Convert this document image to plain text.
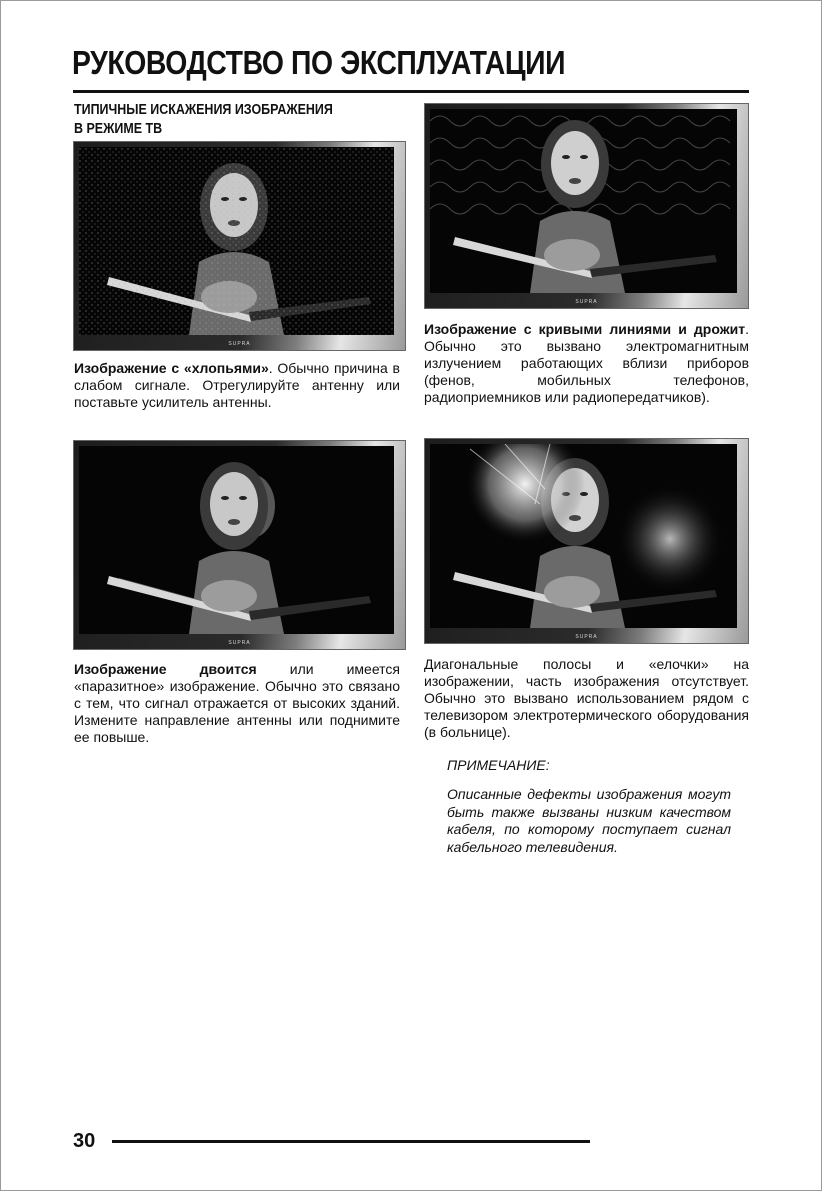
РУКОВОДСТВО ПО ЭКСПЛУАТАЦИИ
ТИПИЧНЫЕ ИСКАЖЕНИЯ ИЗОБРАЖЕНИЯ
В РЕЖИМЕ ТВ
SUPRA
Изображение с «хлопьями». Обычно причина в слабом сигнале. Отрегулируйте антенну или поставьте усилитель антенны.
SUPRA
Изображение с кривыми линиями и дрожит. Обычно это вызвано электромагнитным излучением работающих вблизи приборов (фенов, мобильных телефонов, радиоприемников или радиопередатчиков).
SUPRA
Изображение двоится или имеется «паразитное» изображение. Обычно это связано с тем, что сигнал отражается от высоких зданий. Измените направление антенны или поднимите ее повыше.
SUPRA
Диагональные полосы и «елочки» на изображении, часть изображения отсутствует. Обычно это вызвано использованием рядом с телевизором электротермического оборудования (в больнице).
ПРИМЕЧАНИЕ:
Описанные дефекты изображения могут быть также вызваны низким качеством кабеля, по которому поступает сигнал кабельного телевидения.
30
